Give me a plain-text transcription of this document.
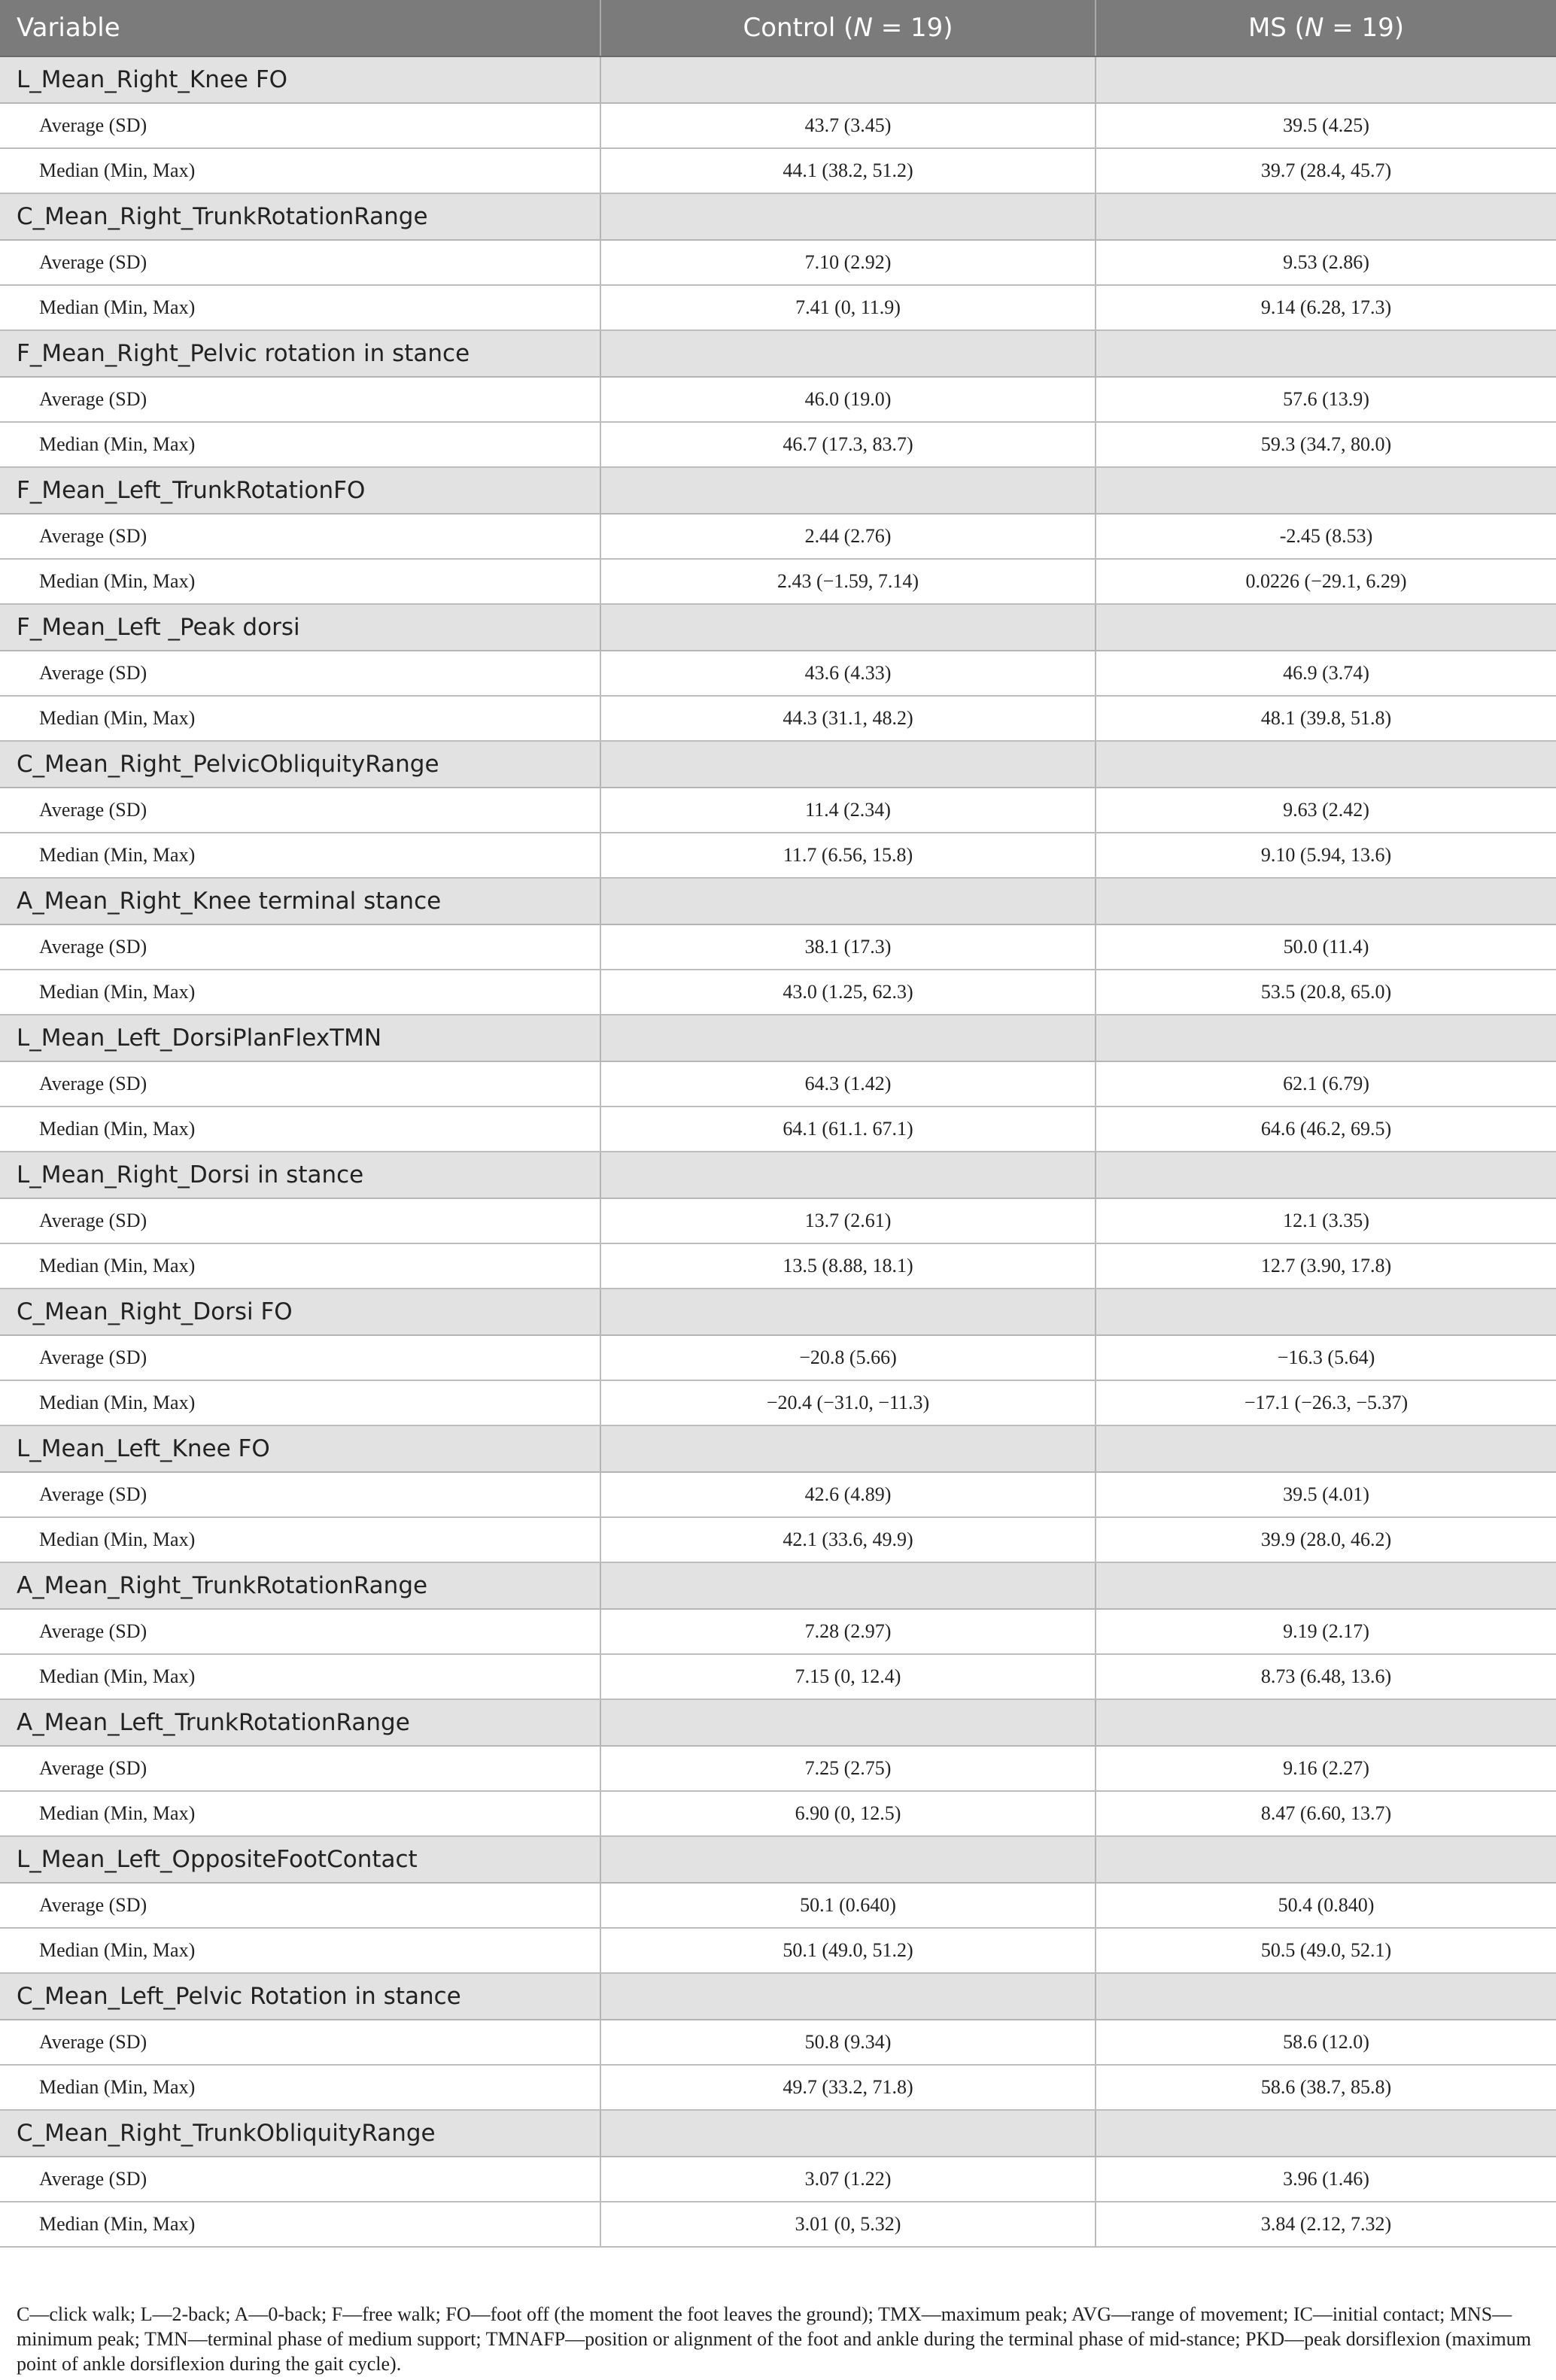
Variable	Control (N = 19)	MS (N = 19)
L_Mean_Right_Knee FO		
Average (SD)	43.7 (3.45)	39.5 (4.25)
Median (Min, Max)	44.1 (38.2, 51.2)	39.7 (28.4, 45.7)
C_Mean_Right_TrunkRotationRange		
Average (SD)	7.10 (2.92)	9.53 (2.86)
Median (Min, Max)	7.41 (0, 11.9)	9.14 (6.28, 17.3)
F_Mean_Right_Pelvic rotation in stance		
Average (SD)	46.0 (19.0)	57.6 (13.9)
Median (Min, Max)	46.7 (17.3, 83.7)	59.3 (34.7, 80.0)
F_Mean_Left_TrunkRotationFO		
Average (SD)	2.44 (2.76)	-2.45 (8.53)
Median (Min, Max)	2.43 (−1.59, 7.14)	0.0226 (−29.1, 6.29)
F_Mean_Left _Peak dorsi		
Average (SD)	43.6 (4.33)	46.9 (3.74)
Median (Min, Max)	44.3 (31.1, 48.2)	48.1 (39.8, 51.8)
C_Mean_Right_PelvicObliquityRange		
Average (SD)	11.4 (2.34)	9.63 (2.42)
Median (Min, Max)	11.7 (6.56, 15.8)	9.10 (5.94, 13.6)
A_Mean_Right_Knee terminal stance		
Average (SD)	38.1 (17.3)	50.0 (11.4)
Median (Min, Max)	43.0 (1.25, 62.3)	53.5 (20.8, 65.0)
L_Mean_Left_DorsiPlanFlexTMN		
Average (SD)	64.3 (1.42)	62.1 (6.79)
Median (Min, Max)	64.1 (61.1. 67.1)	64.6 (46.2, 69.5)
L_Mean_Right_Dorsi in stance		
Average (SD)	13.7 (2.61)	12.1 (3.35)
Median (Min, Max)	13.5 (8.88, 18.1)	12.7 (3.90, 17.8)
C_Mean_Right_Dorsi FO		
Average (SD)	−20.8 (5.66)	−16.3 (5.64)
Median (Min, Max)	−20.4 (−31.0, −11.3)	−17.1 (−26.3, −5.37)
L_Mean_Left_Knee FO		
Average (SD)	42.6 (4.89)	39.5 (4.01)
Median (Min, Max)	42.1 (33.6, 49.9)	39.9 (28.0, 46.2)
A_Mean_Right_TrunkRotationRange		
Average (SD)	7.28 (2.97)	9.19 (2.17)
Median (Min, Max)	7.15 (0, 12.4)	8.73 (6.48, 13.6)
A_Mean_Left_TrunkRotationRange		
Average (SD)	7.25 (2.75)	9.16 (2.27)
Median (Min, Max)	6.90 (0, 12.5)	8.47 (6.60, 13.7)
L_Mean_Left_OppositeFootContact		
Average (SD)	50.1 (0.640)	50.4 (0.840)
Median (Min, Max)	50.1 (49.0, 51.2)	50.5 (49.0, 52.1)
C_Mean_Left_Pelvic Rotation in stance		
Average (SD)	50.8 (9.34)	58.6 (12.0)
Median (Min, Max)	49.7 (33.2, 71.8)	58.6 (38.7, 85.8)
C_Mean_Right_TrunkObliquityRange		
Average (SD)	3.07 (1.22)	3.96 (1.46)
Median (Min, Max)	3.01 (0, 5.32)	3.84 (2.12, 7.32)
C—click walk; L—2-back; A—0-back; F—free walk; FO—foot off (the moment the foot leaves the ground); TMX—maximum peak; AVG—range of movement; IC—initial contact; MNS—minimum peak; TMN—terminal phase of medium support; TMNAFP—position or alignment of the foot and ankle during the terminal phase of mid-stance; PKD—peak dorsiflexion (maximum point of ankle dorsiflexion during the gait cycle).
